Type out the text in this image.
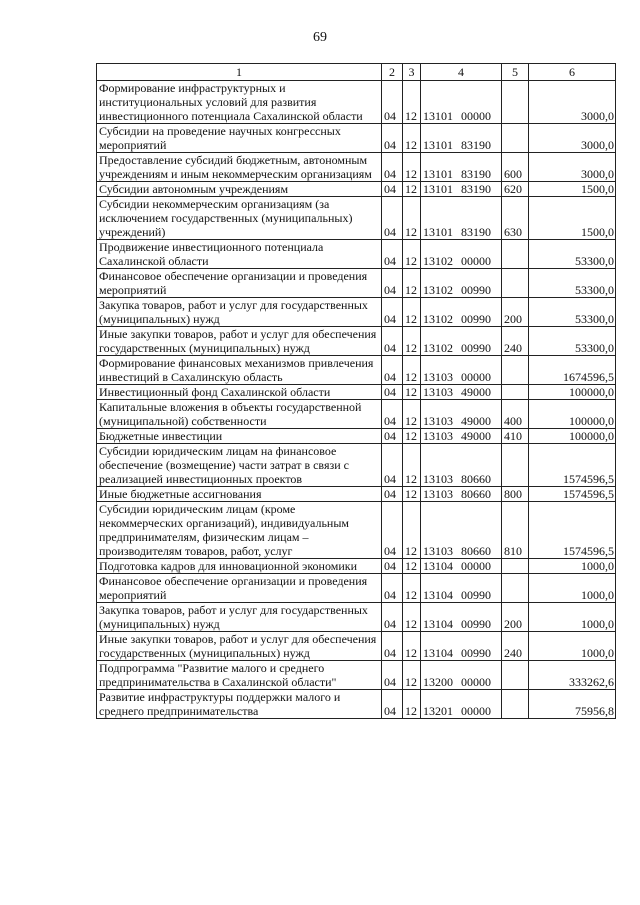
69
1	2	3	4	5	6
Формирование инфраструктурных и институциональных условий для развития инвестиционного потенциала Сахалинской области	04	12	13101 00000		3000,0
Субсидии на проведение научных конгрессных мероприятий	04	12	13101 83190		3000,0
Предоставление субсидий бюджетным, автономным учреждениям и иным некоммерческим организациям	04	12	13101 83190	600	3000,0
Субсидии автономным учреждениям	04	12	13101 83190	620	1500,0
Субсидии некоммерческим организациям (за исключением государственных (муниципальных) учреждений)	04	12	13101 83190	630	1500,0
Продвижение инвестиционного потенциала Сахалинской области	04	12	13102 00000		53300,0
Финансовое обеспечение организации и проведения мероприятий	04	12	13102 00990		53300,0
Закупка товаров, работ и услуг для государственных (муниципальных) нужд	04	12	13102 00990	200	53300,0
Иные закупки товаров, работ и услуг для обеспечения государственных (муниципальных) нужд	04	12	13102 00990	240	53300,0
Формирование финансовых механизмов привлечения инвестиций в Сахалинскую область	04	12	13103 00000		1674596,5
Инвестиционный фонд Сахалинской области	04	12	13103 49000		100000,0
Капитальные вложения в объекты государственной (муниципальной) собственности	04	12	13103 49000	400	100000,0
Бюджетные инвестиции	04	12	13103 49000	410	100000,0
Субсидии юридическим лицам на финансовое обеспечение (возмещение) части затрат в связи с реализацией инвестиционных проектов	04	12	13103 80660		1574596,5
Иные бюджетные ассигнования	04	12	13103 80660	800	1574596,5
Субсидии юридическим лицам (кроме некоммерческих организаций), индивидуальным предпринимателям, физическим лицам – производителям товаров, работ, услуг	04	12	13103 80660	810	1574596,5
Подготовка кадров для инновационной экономики	04	12	13104 00000		1000,0
Финансовое обеспечение организации и проведения мероприятий	04	12	13104 00990		1000,0
Закупка товаров, работ и услуг для государственных (муниципальных) нужд	04	12	13104 00990	200	1000,0
Иные закупки товаров, работ и услуг для обеспечения государственных (муниципальных) нужд	04	12	13104 00990	240	1000,0
Подпрограмма "Развитие малого и среднего предпринимательства в Сахалинской области"	04	12	13200 00000		333262,6
Развитие инфраструктуры поддержки малого и среднего предпринимательства	04	12	13201 00000		75956,8
